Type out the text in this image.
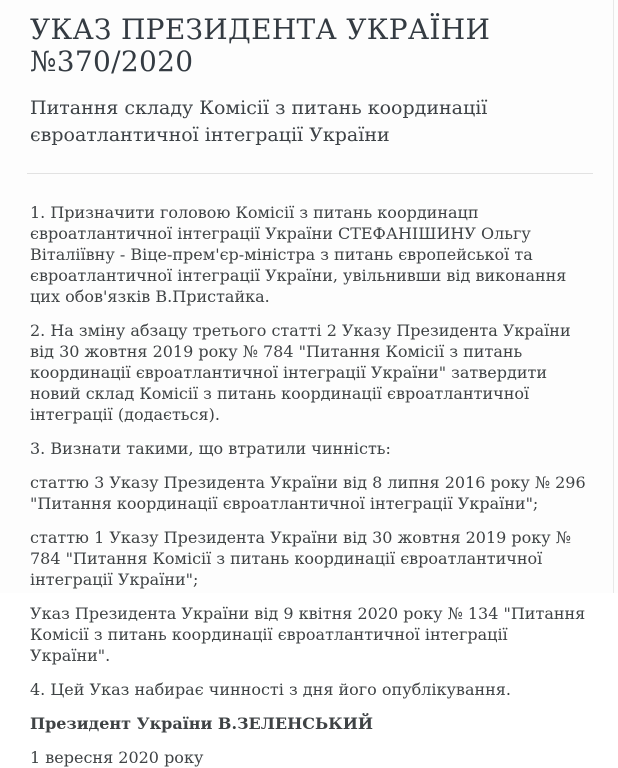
УКАЗ ПРЕЗИДЕНТА УКРАЇНИ №370/2020
Питання складу Комісії з питань координації євроатлантичної інтеграції України

1. Призначити головою Комісії з питань координацп євроатлантичної інтеграції України СТЕФАНІШИНУ Ольгу Віталіївну - Віце-прем'єр-міністра з питань європейської та євроатлантичної інтеграції України, увільнивши від виконання цих обов'язків В.Пристайка.

2. На зміну абзацу третього статті 2 Указу Президента України від 30 жовтня 2019 року № 784 "Питання Комісії з питань координації євроатлантичної інтеграції України" затвердити новий склад Комісії з питань координації євроатлантичної інтеграції (додається).

3. Визнати такими, що втратили чинність:

статтю 3 Указу Президента України від 8 липня 2016 року № 296 "Питання координації євроатлантичної інтеграції України";

статтю 1 Указу Президента України від 30 жовтня 2019 року № 784 "Питання Комісії з питань координації євроатлантичної інтеграції України";

Указ Президента України від 9 квітня 2020 року № 134 "Питання Комісії з питань координації євроатлантичної інтеграції України".

4. Цей Указ набирає чинності з дня його опублікування.

Президент України В.ЗЕЛЕНСЬКИЙ

1 вересня 2020 року
